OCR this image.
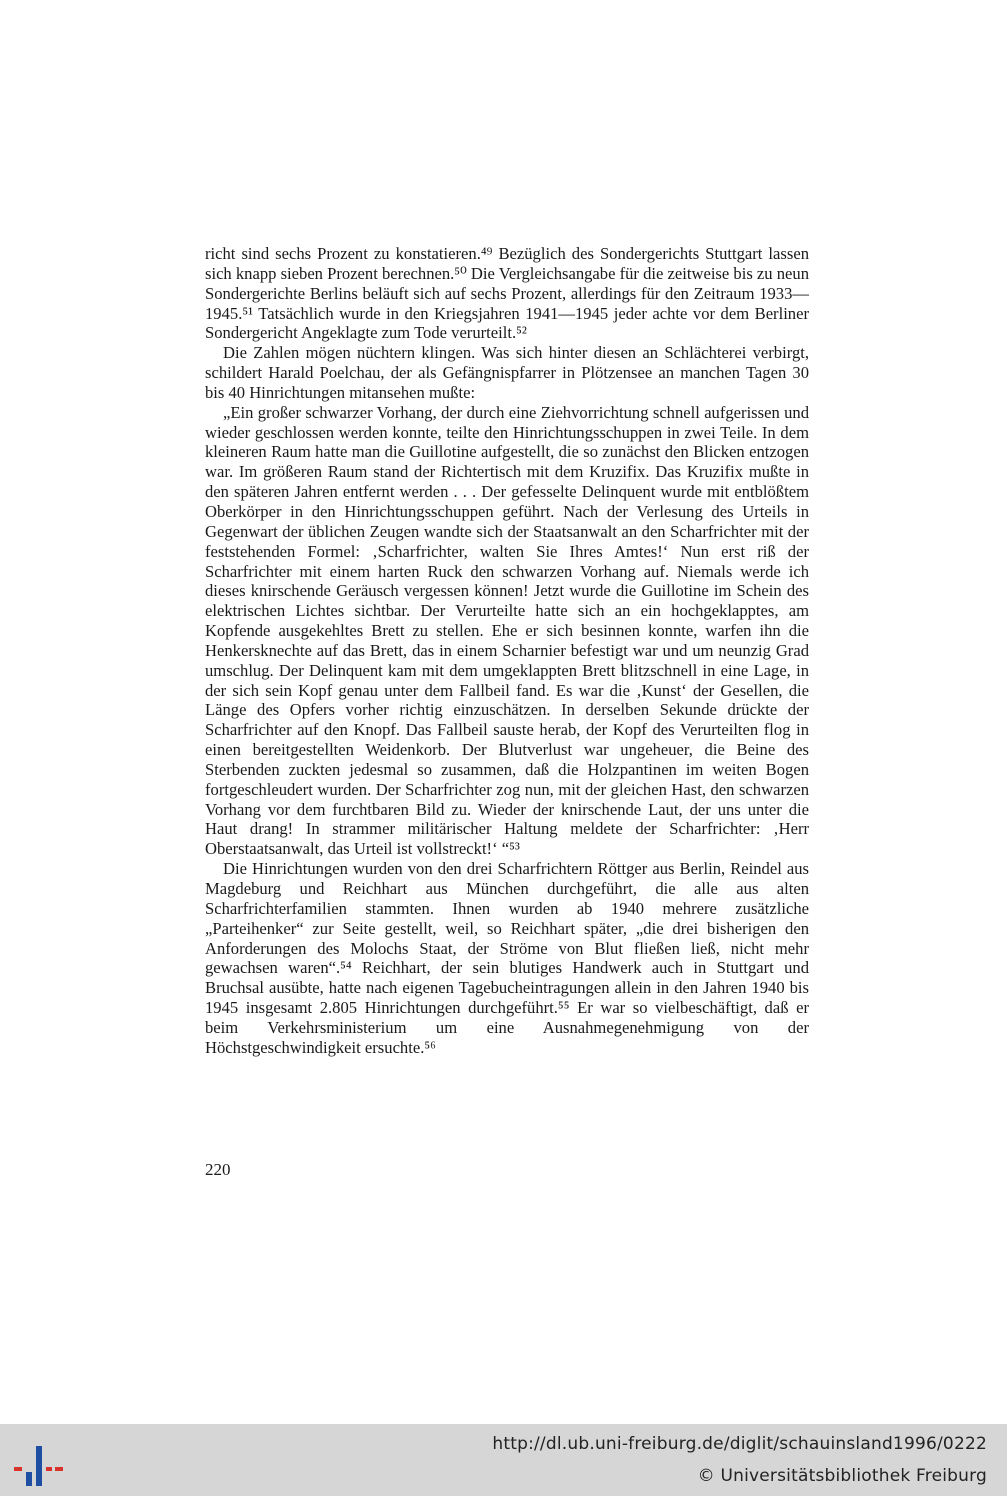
richt sind sechs Prozent zu konstatieren.⁴⁹ Bezüglich des Sondergerichts Stuttgart lassen sich knapp sieben Prozent berechnen.⁵⁰ Die Vergleichsangabe für die zeitweise bis zu neun Sondergerichte Berlins beläuft sich auf sechs Prozent, allerdings für den Zeitraum 1933—1945.⁵¹ Tatsächlich wurde in den Kriegsjahren 1941—1945 jeder achte vor dem Berliner Sondergericht Angeklagte zum Tode verurteilt.⁵²

Die Zahlen mögen nüchtern klingen. Was sich hinter diesen an Schlächterei verbirgt, schildert Harald Poelchau, der als Gefängnispfarrer in Plötzensee an manchen Tagen 30 bis 40 Hinrichtungen mitansehen mußte:

„Ein großer schwarzer Vorhang, der durch eine Ziehvorrichtung schnell aufgerissen und wieder geschlossen werden konnte, teilte den Hinrichtungsschuppen in zwei Teile. In dem kleineren Raum hatte man die Guillotine aufgestellt, die so zunächst den Blicken entzogen war. Im größeren Raum stand der Richtertisch mit dem Kruzifix. Das Kruzifix mußte in den späteren Jahren entfernt werden . . . Der gefesselte Delinquent wurde mit entblößtem Oberkörper in den Hinrichtungsschuppen geführt. Nach der Verlesung des Urteils in Gegenwart der üblichen Zeugen wandte sich der Staatsanwalt an den Scharfrichter mit der feststehenden Formel: ‚Scharfrichter, walten Sie Ihres Amtes!‘ Nun erst riß der Scharfrichter mit einem harten Ruck den schwarzen Vorhang auf. Niemals werde ich dieses knirschende Geräusch vergessen können! Jetzt wurde die Guillotine im Schein des elektrischen Lichtes sichtbar. Der Verurteilte hatte sich an ein hochgeklapptes, am Kopfende ausgekehltes Brett zu stellen. Ehe er sich besinnen konnte, warfen ihn die Henkersknechte auf das Brett, das in einem Scharnier befestigt war und um neunzig Grad umschlug. Der Delinquent kam mit dem umgeklappten Brett blitzschnell in eine Lage, in der sich sein Kopf genau unter dem Fallbeil fand. Es war die ‚Kunst‘ der Gesellen, die Länge des Opfers vorher richtig einzuschätzen. In derselben Sekunde drückte der Scharfrichter auf den Knopf. Das Fallbeil sauste herab, der Kopf des Verurteilten flog in einen bereitgestellten Weidenkorb. Der Blutverlust war ungeheuer, die Beine des Sterbenden zuckten jedesmal so zusammen, daß die Holzpantinen im weiten Bogen fortgeschleudert wurden. Der Scharfrichter zog nun, mit der gleichen Hast, den schwarzen Vorhang vor dem furchtbaren Bild zu. Wieder der knirschende Laut, der uns unter die Haut drang! In strammer militärischer Haltung meldete der Scharfrichter: ‚Herr Oberstaatsanwalt, das Urteil ist vollstreckt!‘ “⁵³

Die Hinrichtungen wurden von den drei Scharfrichtern Röttger aus Berlin, Reindel aus Magdeburg und Reichhart aus München durchgeführt, die alle aus alten Scharfrichterfamilien stammten. Ihnen wurden ab 1940 mehrere zusätzliche „Parteihenker“ zur Seite gestellt, weil, so Reichhart später, „die drei bisherigen den Anforderungen des Molochs Staat, der Ströme von Blut fließen ließ, nicht mehr gewachsen waren“.⁵⁴ Reichhart, der sein blutiges Handwerk auch in Stuttgart und Bruchsal ausübte, hatte nach eigenen Tagebucheintragungen allein in den Jahren 1940 bis 1945 insgesamt 2.805 Hinrichtungen durchgeführt.⁵⁵ Er war so vielbeschäftigt, daß er beim Verkehrsministerium um eine Ausnahmegenehmigung von der Höchstgeschwindigkeit ersuchte.⁵⁶

220
http://dl.ub.uni-freiburg.de/diglit/schauinsland1996/0222
© Universitätsbibliothek Freiburg
